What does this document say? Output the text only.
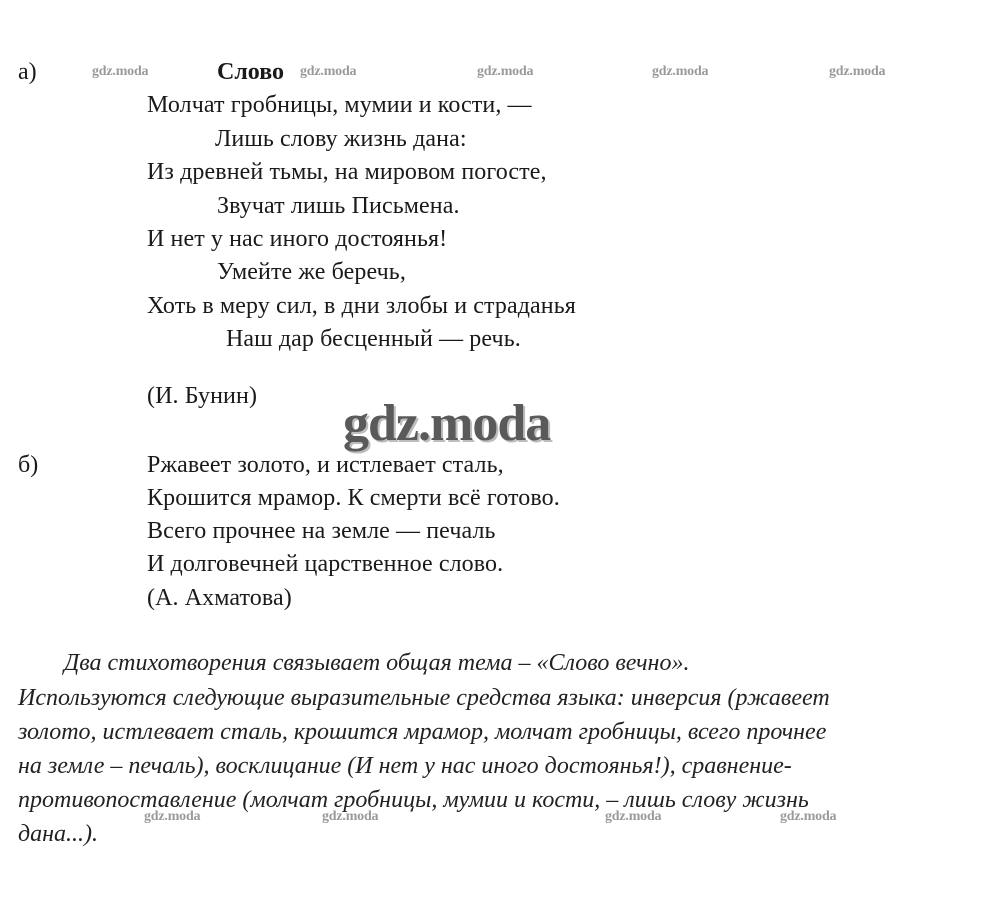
а)	Слово
Молчат гробницы, мумии и кости, —
Лишь слову жизнь дана:
Из древней тьмы, на мировом погосте,
Звучат лишь Письмена.
И нет у нас иного достоянья!
Умейте же беречь,
Хоть в меру сил, в дни злобы и страданья
Наш дар бесценный — речь.
(И. Бунин)
б)	Ржавеет золото, и истлевает сталь,
Крошится мрамор. К смерти всё готово.
Всего прочнее на земле — печаль
И долговечней царственное слово.
(А. Ахматова)
Два стихотворения связывает общая тема – «Слово вечно».
Используются следующие выразительные средства языка: инверсия (ржавеет
золото, истлевает сталь, крошится мрамор, молчат гробницы, всего прочнее
на земле – печаль), восклицание (И нет у нас иного достоянья!), сравнение-
противопоставление (молчат гробницы, мумии и кости, – лишь слову жизнь
дана...).
gdz.moda	gdz.moda	gdz.moda	gdz.moda	gdz.moda
gdz.moda
gdz.moda	gdz.moda	gdz.moda	gdz.moda
